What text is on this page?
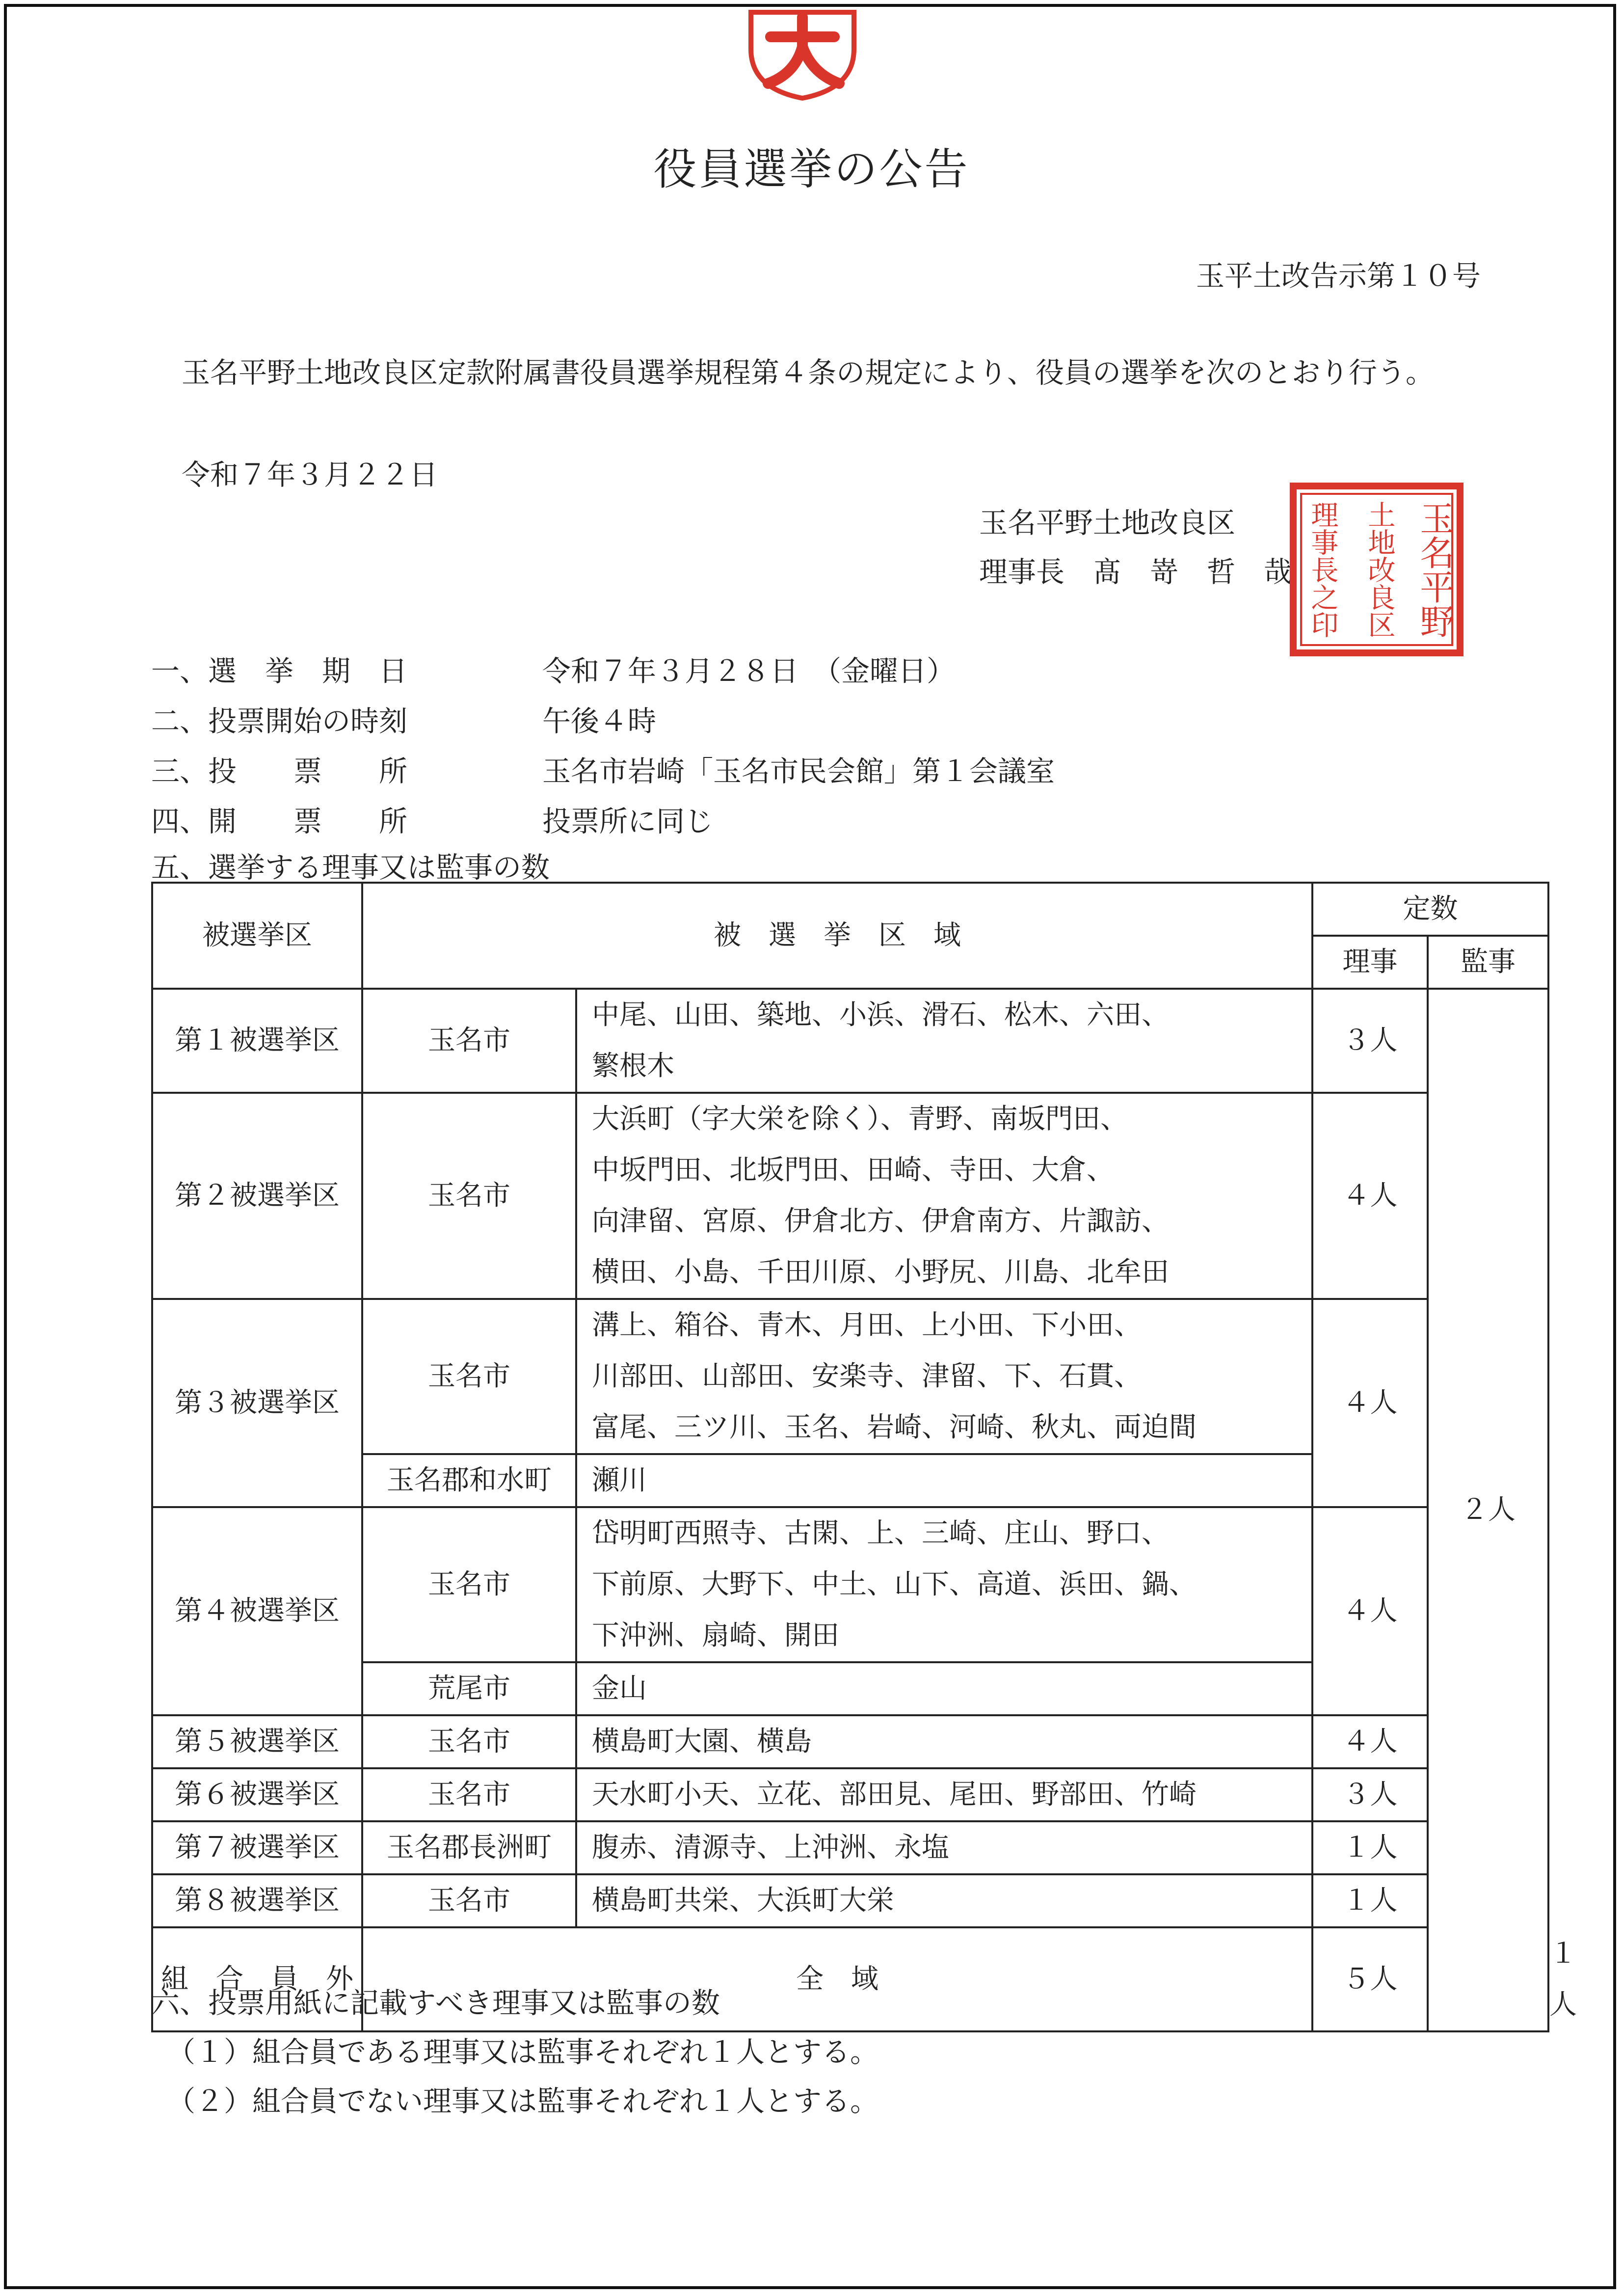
役員選挙の公告
玉平土改告示第１０号
玉名平野土地改良区定款附属書役員選挙規程第４条の規定により、役員の選挙を次のとおり行う。
令和７年３月２２日
玉名平野土地改良区
理事長　髙　嵜　哲　哉	玉名平野
土地改良区
理事長之印
一、選　挙　期　日	令和７年３月２８日　（金曜日）
二、投票開始の時刻	午後４時
三、投　　票　　所	玉名市岩崎「玉名市民会館」第１会議室
四、開　　票　　所	投票所に同じ
五、選挙する理事又は監事の数
被選挙区	被　選　挙　区　域		定数		
			理事	監事	
第１被選挙区	玉名市	中尾、山田、築地、小浜、滑石、松木、六田、
繁根木	３人	２人	
第２被選挙区	玉名市	大浜町（字大栄を除く）、青野、南坂門田、
中坂門田、北坂門田、田崎、寺田、大倉、
向津留、宮原、伊倉北方、伊倉南方、片諏訪、
横田、小島、千田川原、小野尻、川島、北牟田	４人		
第３被選挙区	玉名市	溝上、箱谷、青木、月田、上小田、下小田、
川部田、山部田、安楽寺、津留、下、石貫、
富尾、三ツ川、玉名、岩崎、河崎、秋丸、両迫間	４人		
	玉名郡和水町	瀬川			
第４被選挙区	玉名市	岱明町西照寺、古閑、上、三崎、庄山、野口、
下前原、大野下、中土、山下、高道、浜田、鍋、
下沖洲、扇崎、開田	４人		
	荒尾市	金山			
第５被選挙区	玉名市	横島町大園、横島	４人		
第６被選挙区	玉名市	天水町小天、立花、部田見、尾田、野部田、竹崎	３人		
第７被選挙区	玉名郡長洲町	腹赤、清源寺、上沖洲、永塩	１人		
第８被選挙区	玉名市	横島町共栄、大浜町大栄	１人		
組　合　員　外	全　域		５人		１人
六、投票用紙に記載すべき理事又は監事の数
（１）組合員である理事又は監事それぞれ１人とする。
（２）組合員でない理事又は監事それぞれ１人とする。
